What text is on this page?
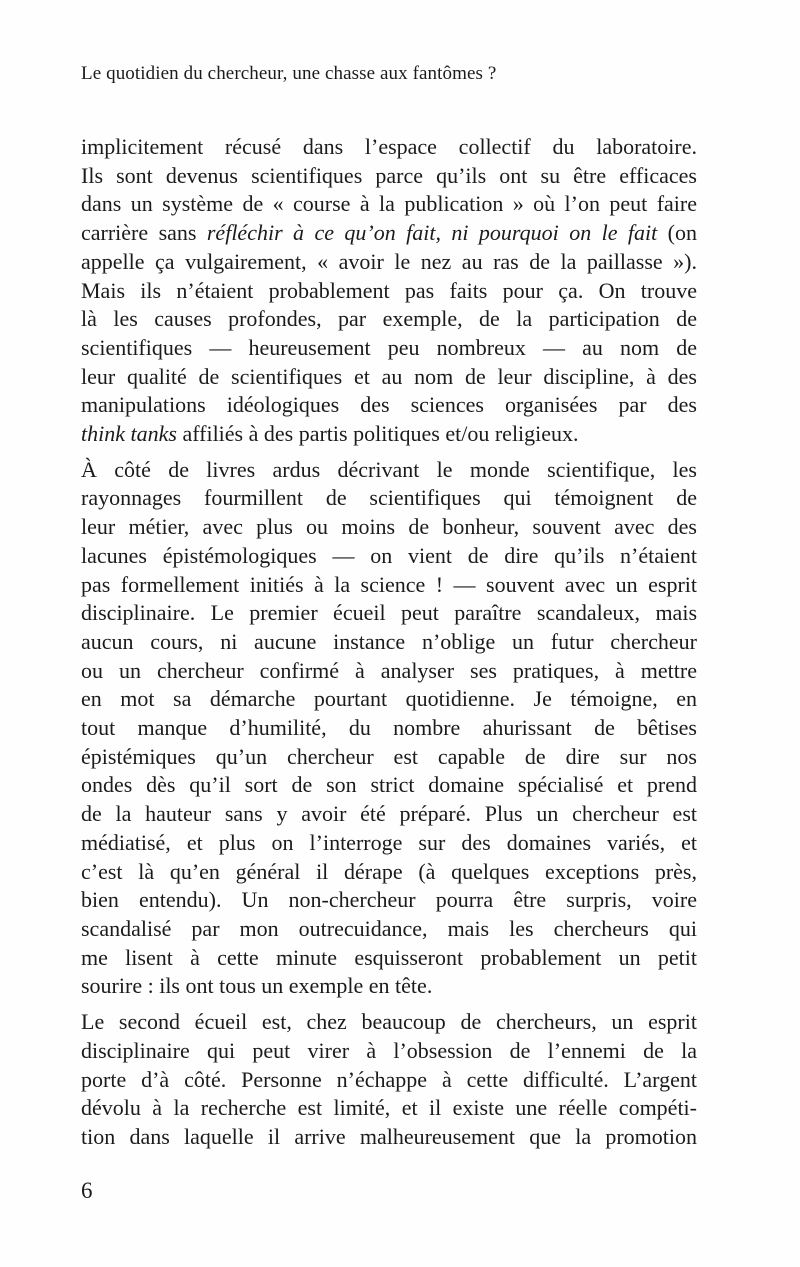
Le quotidien du chercheur, une chasse aux fantômes ?
implicitement récusé dans l’espace collectif du laboratoire.
Ils sont devenus scientifiques parce qu’ils ont su être efficaces
dans un système de « course à la publication » où l’on peut faire
carrière sans réfléchir à ce qu’on fait, ni pourquoi on le fait (on
appelle ça vulgairement, « avoir le nez au ras de la paillasse »).
Mais ils n’étaient probablement pas faits pour ça. On trouve
là les causes profondes, par exemple, de la participation de
scientifiques — heureusement peu nombreux — au nom de
leur qualité de scientifiques et au nom de leur discipline, à des
manipulations idéologiques des sciences organisées par des
think tanks affiliés à des partis politiques et/ou religieux.
À côté de livres ardus décrivant le monde scientifique, les
rayonnages fourmillent de scientifiques qui témoignent de
leur métier, avec plus ou moins de bonheur, souvent avec des
lacunes épistémologiques — on vient de dire qu’ils n’étaient
pas formellement initiés à la science ! — souvent avec un esprit
disciplinaire. Le premier écueil peut paraître scandaleux, mais
aucun cours, ni aucune instance n’oblige un futur chercheur
ou un chercheur confirmé à analyser ses pratiques, à mettre
en mot sa démarche pourtant quotidienne. Je témoigne, en
tout manque d’humilité, du nombre ahurissant de bêtises
épistémiques qu’un chercheur est capable de dire sur nos
ondes dès qu’il sort de son strict domaine spécialisé et prend
de la hauteur sans y avoir été préparé. Plus un chercheur est
médiatisé, et plus on l’interroge sur des domaines variés, et
c’est là qu’en général il dérape (à quelques exceptions près,
bien entendu). Un non-chercheur pourra être surpris, voire
scandalisé par mon outrecuidance, mais les chercheurs qui
me lisent à cette minute esquisseront probablement un petit
sourire : ils ont tous un exemple en tête.
Le second écueil est, chez beaucoup de chercheurs, un esprit
disciplinaire qui peut virer à l’obsession de l’ennemi de la
porte d’à côté. Personne n’échappe à cette difficulté. L’argent
dévolu à la recherche est limité, et il existe une réelle compéti-
tion dans laquelle il arrive malheureusement que la promotion
6
